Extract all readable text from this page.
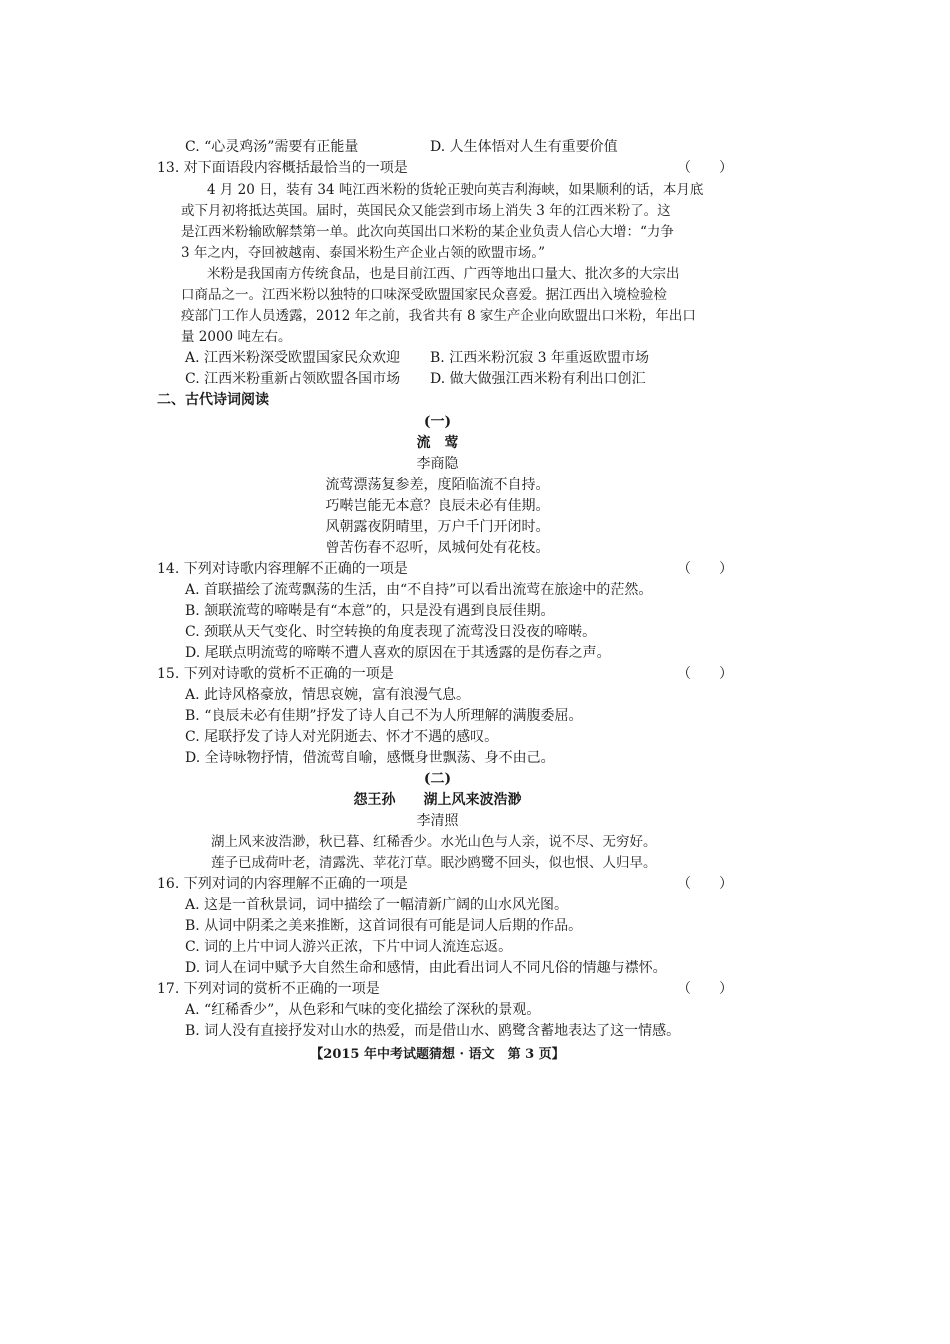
C. “心灵鸡汤”需要有正能量	D. 人生体悟对人生有重要价值
13. 对下面语段内容概括最恰当的一项是	（　　）
4 月 20 日，装有 34 吨江西米粉的货轮正驶向英吉利海峡，如果顺利的话，本月底
或下月初将抵达英国。届时，英国民众又能尝到市场上消失 3 年的江西米粉了。这
是江西米粉输欧解禁第一单。此次向英国出口米粉的某企业负责人信心大增：“力争
3 年之内，夺回被越南、泰国米粉生产企业占领的欧盟市场。”
米粉是我国南方传统食品，也是目前江西、广西等地出口量大、批次多的大宗出
口商品之一。江西米粉以独特的口味深受欧盟国家民众喜爱。据江西出入境检验检
疫部门工作人员透露，2012 年之前，我省共有 8 家生产企业向欧盟出口米粉，年出口
量 2000 吨左右。
A. 江西米粉深受欧盟国家民众欢迎 B. 江西米粉沉寂 3 年重返欧盟市场
C. 江西米粉重新占领欧盟各国市场 D. 做大做强江西米粉有利出口创汇
二、古代诗词阅读
(一)
流　莺
李商隐
流莺漂荡复参差，度陌临流不自持。
巧啭岂能无本意？良辰未必有佳期。
风朝露夜阴晴里，万户千门开闭时。
曾苦伤春不忍听，凤城何处有花枝。
14. 下列对诗歌内容理解不正确的一项是	（　　）
A. 首联描绘了流莺飘荡的生活，由“不自持”可以看出流莺在旅途中的茫然。
B. 颔联流莺的啼啭是有“本意”的，只是没有遇到良辰佳期。
C. 颈联从天气变化、时空转换的角度表现了流莺没日没夜的啼啭。
D. 尾联点明流莺的啼啭不遭人喜欢的原因在于其透露的是伤春之声。
15. 下列对诗歌的赏析不正确的一项是	（　　）
A. 此诗风格豪放，情思哀婉，富有浪漫气息。
B. “良辰未必有佳期”抒发了诗人自己不为人所理解的满腹委屈。
C. 尾联抒发了诗人对光阴逝去、怀才不遇的感叹。
D. 全诗咏物抒情，借流莺自喻，感慨身世飘荡、身不由己。
(二)
怨王孙　　湖上风来波浩渺
李清照
湖上风来波浩渺，秋已暮、红稀香少。水光山色与人亲，说不尽、无穷好。
莲子已成荷叶老，清露洗、苹花汀草。眠沙鸥鹭不回头，似也恨、人归早。
16. 下列对词的内容理解不正确的一项是	（　　）
A. 这是一首秋景词，词中描绘了一幅清新广阔的山水风光图。
B. 从词中阴柔之美来推断，这首词很有可能是词人后期的作品。
C. 词的上片中词人游兴正浓，下片中词人流连忘返。
D. 词人在词中赋予大自然生命和感情，由此看出词人不同凡俗的情趣与襟怀。
17. 下列对词的赏析不正确的一项是	（　　）
A. “红稀香少”，从色彩和气味的变化描绘了深秋的景观。
B. 词人没有直接抒发对山水的热爱，而是借山水、鸥鹭含蓄地表达了这一情感。
【2015 年中考试题猜想 · 语文　第 3 页】
